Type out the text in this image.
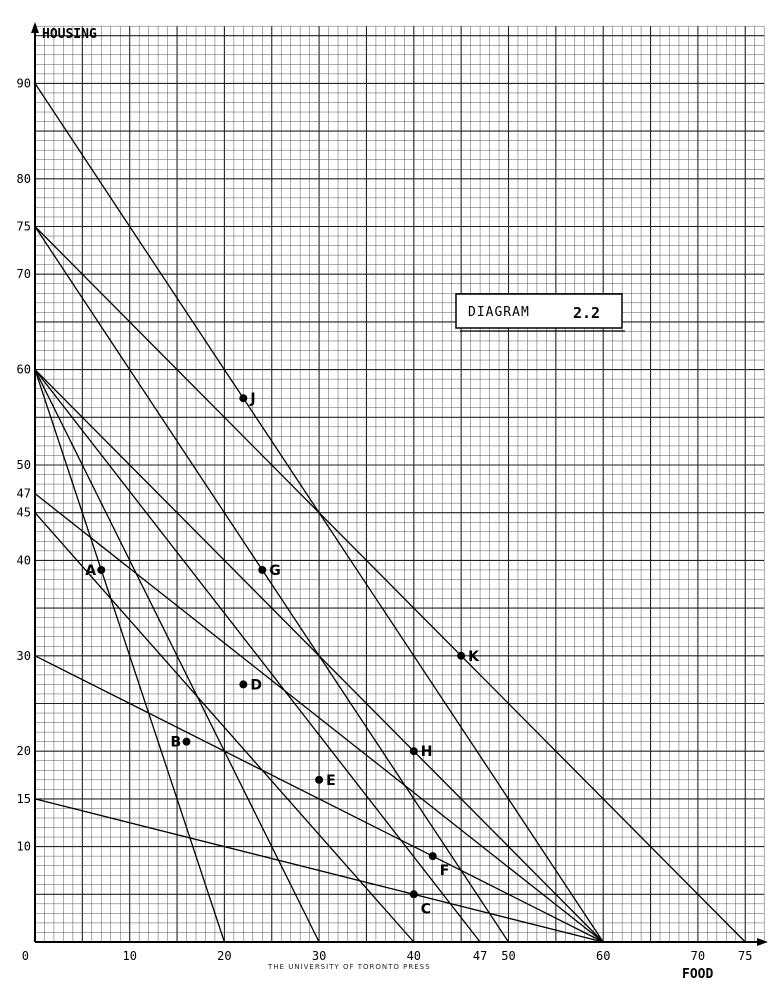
A
B
C
D
E
F
G
H
J
K
0	10	20	30	40	47 50	60	70	75
10
15
20
30
40
45
47
50
60
70
75
80
90
HOUSING
FOOD
DIAGRAM	2.2
THE UNIVERSITY OF TORONTO PRESS
